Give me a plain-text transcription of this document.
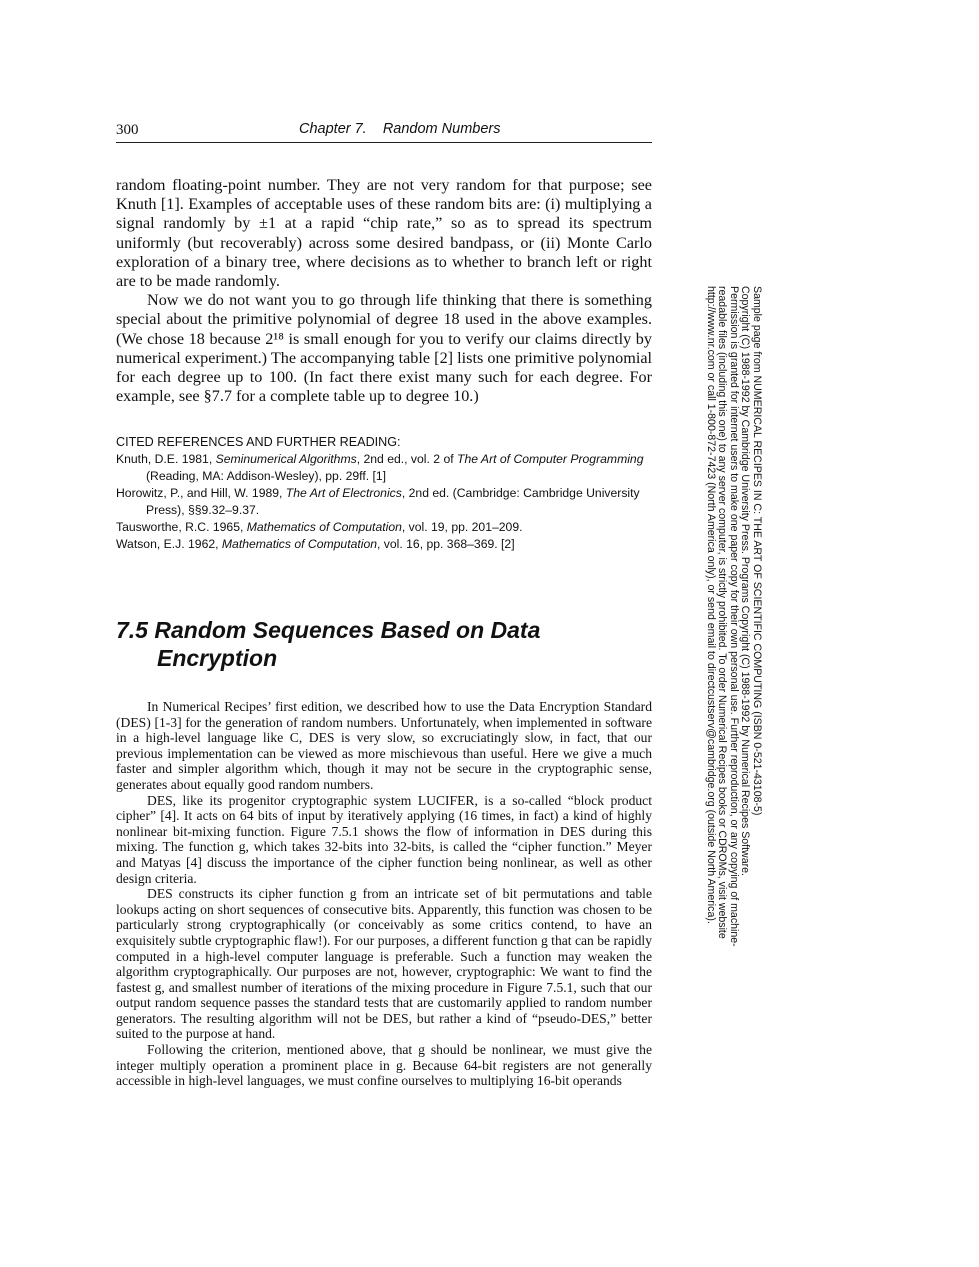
300	Chapter 7.    Random Numbers

random floating-point number. They are not very random for that purpose; see Knuth [1]. Examples of acceptable uses of these random bits are: (i) multiplying a signal randomly by ±1 at a rapid “chip rate,” so as to spread its spectrum uniformly (but recoverably) across some desired bandpass, or (ii) Monte Carlo exploration of a binary tree, where decisions as to whether to branch left or right are to be made randomly.

Now we do not want you to go through life thinking that there is something special about the primitive polynomial of degree 18 used in the above examples. (We chose 18 because 2¹⁸ is small enough for you to verify our claims directly by numerical experiment.) The accompanying table [2] lists one primitive polynomial for each degree up to 100. (In fact there exist many such for each degree. For example, see §7.7 for a complete table up to degree 10.)

CITED REFERENCES AND FURTHER READING:

Knuth, D.E. 1981, Seminumerical Algorithms, 2nd ed., vol. 2 of The Art of Computer Programming (Reading, MA: Addison-Wesley), pp. 29ff. [1]

Horowitz, P., and Hill, W. 1989, The Art of Electronics, 2nd ed. (Cambridge: Cambridge University Press), §§9.32–9.37.

Tausworthe, R.C. 1965, Mathematics of Computation, vol. 19, pp. 201–209.

Watson, E.J. 1962, Mathematics of Computation, vol. 16, pp. 368–369. [2]

7.5 Random Sequences Based on Data
Encryption

In Numerical Recipes’ first edition, we described how to use the Data Encryption Standard (DES) [1-3] for the generation of random numbers. Unfortunately, when implemented in software in a high-level language like C, DES is very slow, so excruciatingly slow, in fact, that our previous implementation can be viewed as more mischievous than useful. Here we give a much faster and simpler algorithm which, though it may not be secure in the cryptographic sense, generates about equally good random numbers.

DES, like its progenitor cryptographic system LUCIFER, is a so-called “block product cipher” [4]. It acts on 64 bits of input by iteratively applying (16 times, in fact) a kind of highly nonlinear bit-mixing function. Figure 7.5.1 shows the flow of information in DES during this mixing. The function g, which takes 32-bits into 32-bits, is called the “cipher function.” Meyer and Matyas [4] discuss the importance of the cipher function being nonlinear, as well as other design criteria.

DES constructs its cipher function g from an intricate set of bit permutations and table lookups acting on short sequences of consecutive bits. Apparently, this function was chosen to be particularly strong cryptographically (or conceivably as some critics contend, to have an exquisitely subtle cryptographic flaw!). For our purposes, a different function g that can be rapidly computed in a high-level computer language is preferable. Such a function may weaken the algorithm cryptographically. Our purposes are not, however, cryptographic: We want to find the fastest g, and smallest number of iterations of the mixing procedure in Figure 7.5.1, such that our output random sequence passes the standard tests that are customarily applied to random number generators. The resulting algorithm will not be DES, but rather a kind of “pseudo-DES,” better suited to the purpose at hand.

Following the criterion, mentioned above, that g should be nonlinear, we must give the integer multiply operation a prominent place in g. Because 64-bit registers are not generally accessible in high-level languages, we must confine ourselves to multiplying 16-bit operands

Sample page from NUMERICAL RECIPES IN C: THE ART OF SCIENTIFIC COMPUTING (ISBN 0-521-43108-5)
Copyright (C) 1988-1992 by Cambridge University Press. Programs Copyright (C) 1988-1992 by Numerical Recipes Software.
Permission is granted for internet users to make one paper copy for their own personal use. Further reproduction, or any copying of machine-
readable files (including this one) to any server computer, is strictly prohibited. To order Numerical Recipes books or CDROMs, visit website
http://www.nr.com or call 1-800-872-7423 (North America only), or send email to directcustserv@cambridge.org (outside North America).
